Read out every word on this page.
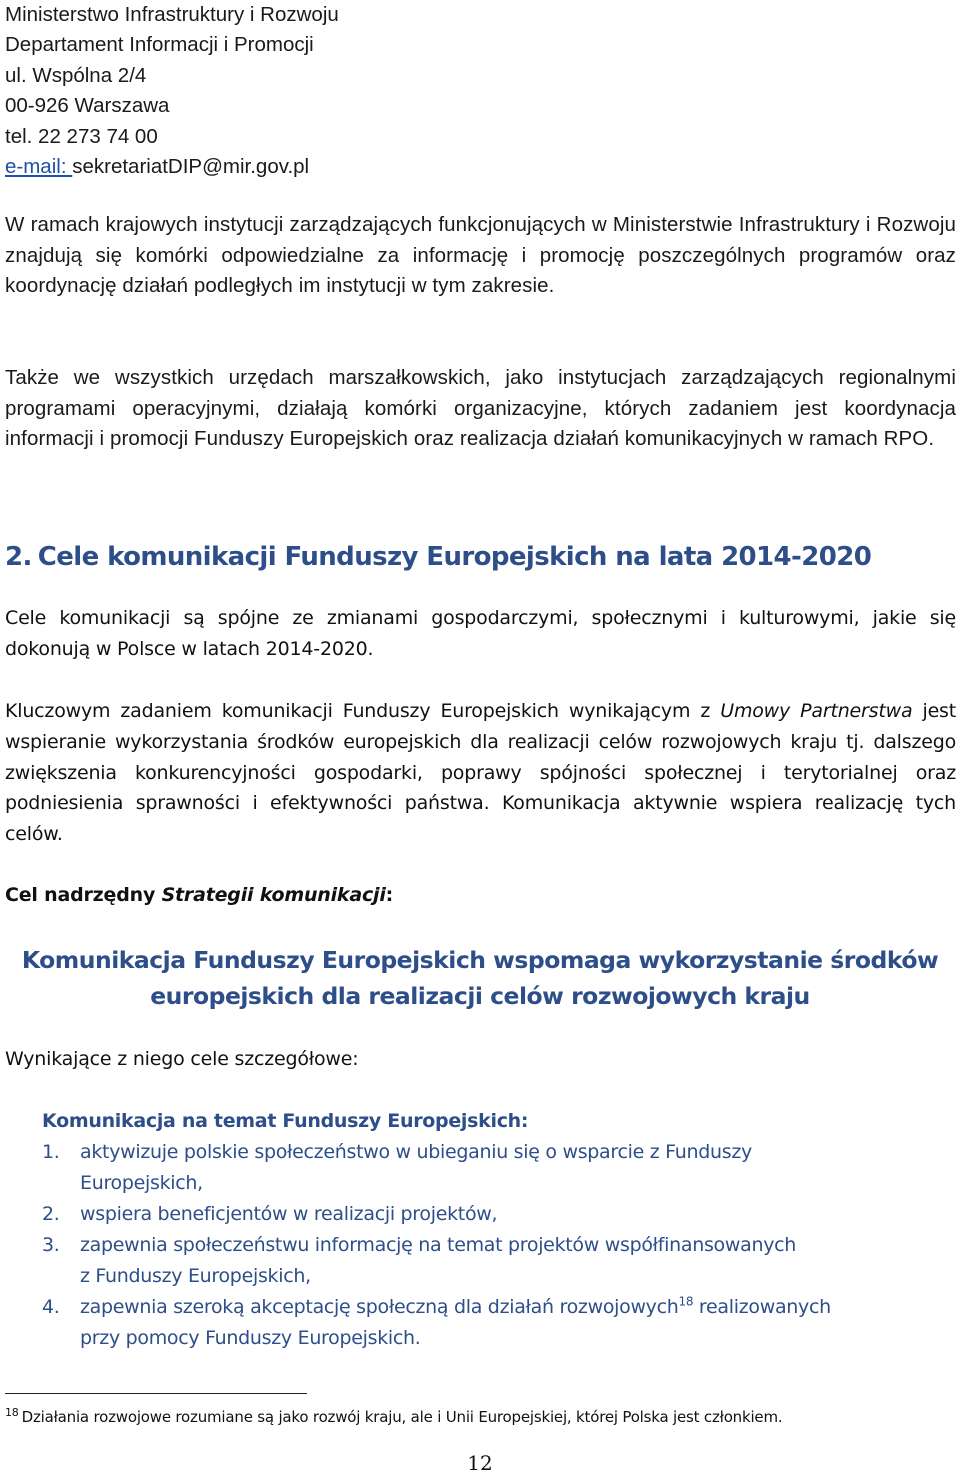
Ministerstwo Infrastruktury i Rozwoju
Departament Informacji i Promocji
ul. Wspólna 2/4
00-926 Warszawa
tel. 22 273 74 00
e-mail: sekretariatDIP@mir.gov.pl

W ramach krajowych instytucji zarządzających funkcjonujących w Ministerstwie Infrastruktury i Rozwoju znajdują się komórki odpowiedzialne za informację i promocję poszczególnych programów oraz koordynację działań podległych im instytucji w tym zakresie.

Także we wszystkich urzędach marszałkowskich, jako instytucjach zarządzających regionalnymi programami operacyjnymi, działają komórki organizacyjne, których zadaniem jest koordynacja informacji i promocji Funduszy Europejskich oraz realizacja działań komunikacyjnych w ramach RPO.

2. Cele komunikacji Funduszy Europejskich na lata 2014-2020

Cele komunikacji są spójne ze zmianami gospodarczymi, społecznymi i kulturowymi, jakie się dokonują w Polsce w latach 2014-2020.

Kluczowym zadaniem komunikacji Funduszy Europejskich wynikającym z Umowy Partnerstwa jest wspieranie wykorzystania środków europejskich dla realizacji celów rozwojowych kraju tj. dalszego zwiększenia konkurencyjności gospodarki, poprawy spójności społecznej i terytorialnej oraz podniesienia sprawności i efektywności państwa. Komunikacja aktywnie wspiera realizację tych celów.

Cel nadrzędny Strategii komunikacji:
Komunikacja Funduszy Europejskich wspomaga wykorzystanie środków
europejskich dla realizacji celów rozwojowych kraju
Wynikające z niego cele szczegółowe:
Komunikacja na temat Funduszy Europejskich:
1. aktywizuje polskie społeczeństwo w ubieganiu się o wsparcie z Funduszy
Europejskich,
2. wspiera beneficjentów w realizacji projektów,
3. zapewnia społeczeństwu informację na temat projektów współfinansowanych
z Funduszy Europejskich,
4. zapewnia szeroką akceptację społeczną dla działań rozwojowych$^{18}$ realizowanych
przy pomocy Funduszy Europejskich.
$^{18}$ Działania rozwojowe rozumiane są jako rozwój kraju, ale i Unii Europejskiej, której Polska jest członkiem.
12
